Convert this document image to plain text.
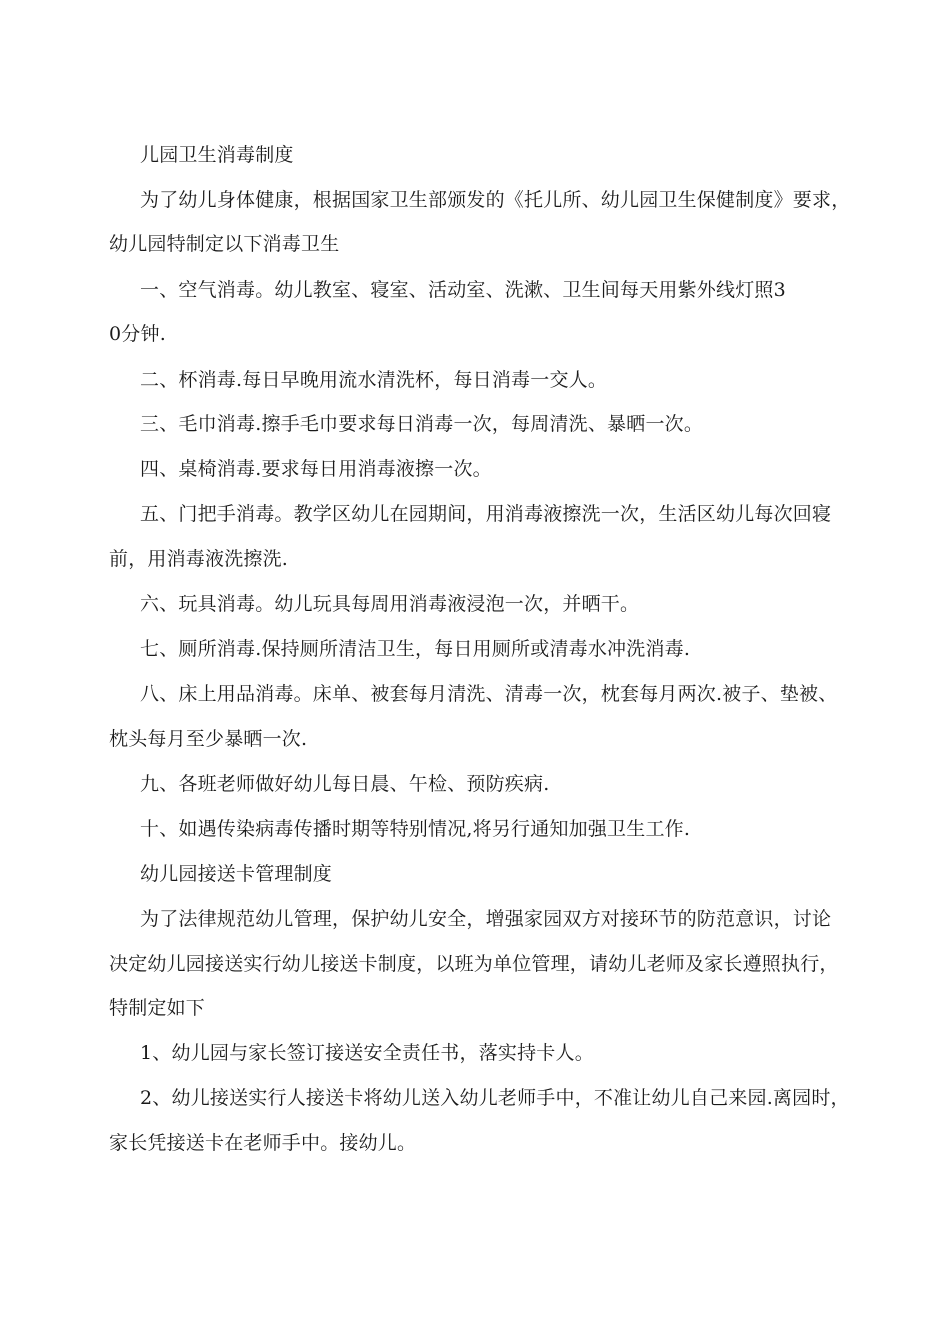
儿园卫生消毒制度
为了幼儿身体健康，根据国家卫生部颁发的《托儿所、幼儿园卫生保健制度》要求，
幼儿园特制定以下消毒卫生
一、空气消毒。幼儿教室、寝室、活动室、洗漱、卫生间每天用紫外线灯照3
0分钟.
二、杯消毒.每日早晚用流水清洗杯，每日消毒一交人。
三、毛巾消毒.擦手毛巾要求每日消毒一次，每周清洗、暴晒一次。
四、桌椅消毒.要求每日用消毒液擦一次。
五、门把手消毒。教学区幼儿在园期间，用消毒液擦洗一次，生活区幼儿每次回寝
前，用消毒液洗擦洗.
六、玩具消毒。幼儿玩具每周用消毒液浸泡一次，并晒干。
七、厕所消毒.保持厕所清洁卫生，每日用厕所或清毒水冲洗消毒.
八、床上用品消毒。床单、被套每月清洗、清毒一次，枕套每月两次.被子、垫被、
枕头每月至少暴晒一次.
九、各班老师做好幼儿每日晨、午检、预防疾病.
十、如遇传染病毒传播时期等特别情况,将另行通知加强卫生工作.
幼儿园接送卡管理制度
为了法律规范幼儿管理，保护幼儿安全，增强家园双方对接环节的防范意识，讨论
决定幼儿园接送实行幼儿接送卡制度，以班为单位管理，请幼儿老师及家长遵照执行，
特制定如下
1、幼儿园与家长签订接送安全责任书，落实持卡人。
2、幼儿接送实行人接送卡将幼儿送入幼儿老师手中，不准让幼儿自己来园.离园时，
家长凭接送卡在老师手中。接幼儿。
